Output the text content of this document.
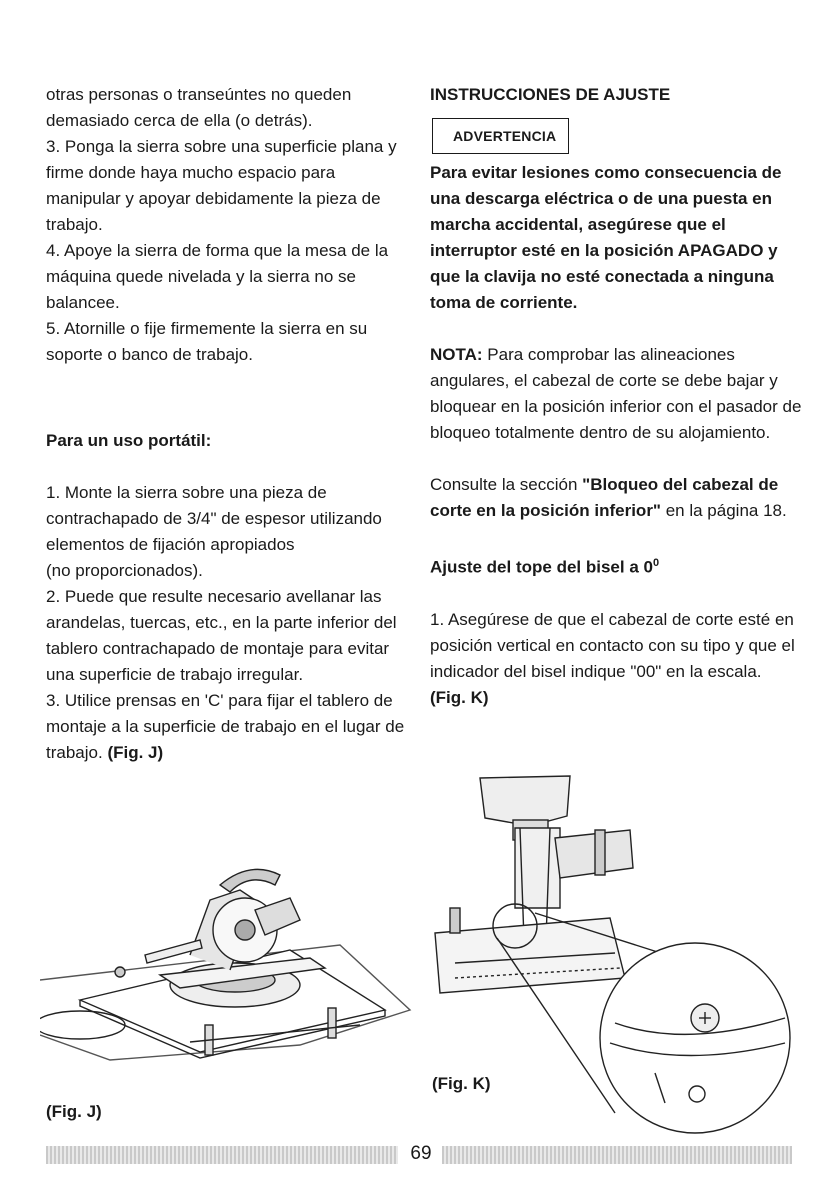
otras personas o transeúntes no queden demasiado cerca de ella (o detrás).

3. Ponga la sierra sobre una superficie plana y firme donde haya mucho espacio para manipular y apoyar debidamente la pieza de trabajo.

4. Apoye la sierra de forma que la mesa de la máquina quede nivelada y la sierra no se balancee.

5. Atornille o fije firmemente la sierra en su soporte o banco de trabajo.

Para un uso portátil:

1. Monte la sierra sobre una pieza de contrachapado de 3/4" de espesor utilizando elementos de fijación apropiados

(no proporcionados).

2. Puede que resulte necesario avellanar las arandelas, tuercas, etc., en la parte inferior del tablero contrachapado de montaje para evitar una superficie de trabajo irregular.

3. Utilice prensas en 'C' para fijar el tablero de montaje a la superficie de trabajo en el lugar de trabajo. (Fig. J)

INSTRUCCIONES DE AJUSTE

ADVERTENCIA

Para evitar lesiones como consecuencia de una descarga eléctrica o de una puesta en marcha accidental, asegúrese que el interruptor esté en la posición APAGADO y que la clavija no esté conectada a ninguna toma de corriente.

NOTA: Para comprobar las alineaciones angulares, el cabezal de corte se debe bajar y bloquear en la posición inferior con el pasador de bloqueo totalmente dentro de su alojamiento.

Consulte la sección "Bloqueo del cabezal de corte en la posición inferior" en la página 18.

Ajuste del tope del bisel a $0^0$

1. Asegúrese de que el cabezal de corte esté en posición vertical en contacto con su tipo y que el indicador del bisel indique "00" en la escala. (Fig. K)

(Fig. J)
(Fig. K)
69
